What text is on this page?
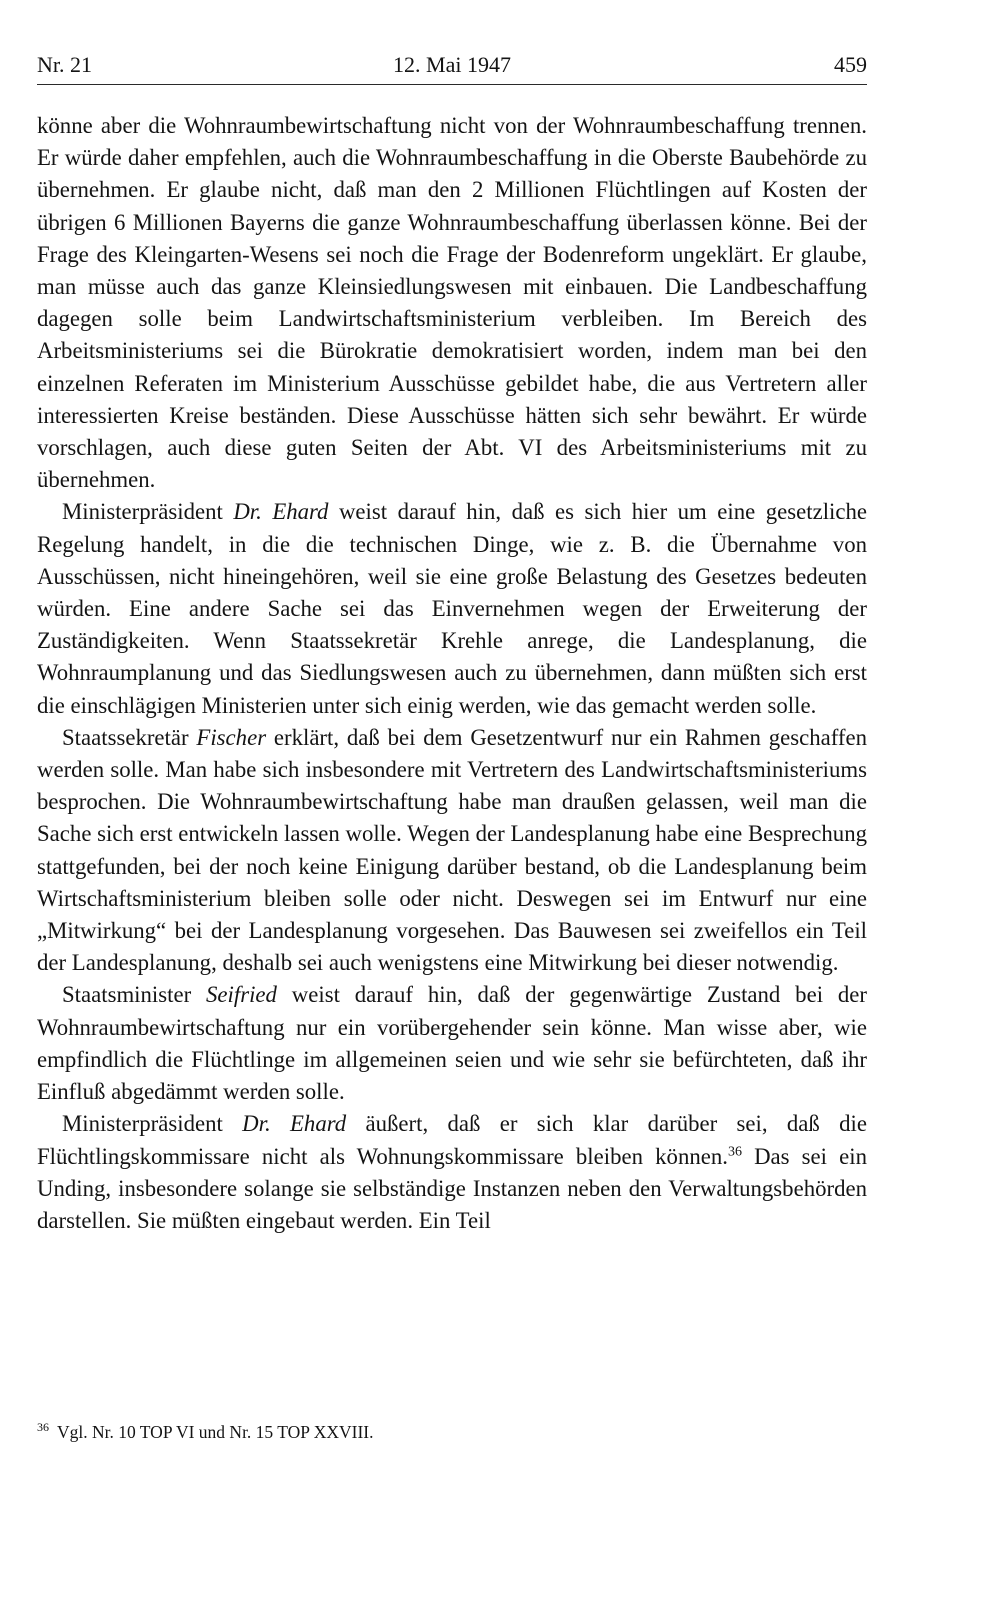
Nr. 21	12. Mai 1947	459

könne aber die Wohnraumbewirtschaftung nicht von der Wohnraumbeschaffung trennen. Er würde daher empfehlen, auch die Wohnraumbeschaffung in die Oberste Baubehörde zu übernehmen. Er glaube nicht, daß man den 2 Millionen Flüchtlingen auf Kosten der übrigen 6 Millionen Bayerns die ganze Wohnraumbeschaffung überlassen könne. Bei der Frage des Kleingarten-Wesens sei noch die Frage der Bodenreform ungeklärt. Er glaube, man müsse auch das ganze Kleinsiedlungswesen mit einbauen. Die Landbeschaffung dagegen solle beim Landwirtschaftsministerium verbleiben. Im Bereich des Arbeitsministeriums sei die Bürokratie demokratisiert worden, indem man bei den einzelnen Referaten im Ministerium Ausschüsse gebildet habe, die aus Vertretern aller interessierten Kreise beständen. Diese Ausschüsse hätten sich sehr bewährt. Er würde vorschlagen, auch diese guten Seiten der Abt. VI des Arbeitsministeriums mit zu übernehmen.

Ministerpräsident Dr. Ehard weist darauf hin, daß es sich hier um eine gesetzliche Regelung handelt, in die die technischen Dinge, wie z. B. die Übernahme von Ausschüssen, nicht hineingehören, weil sie eine große Belastung des Gesetzes bedeuten würden. Eine andere Sache sei das Einvernehmen wegen der Erweiterung der Zuständigkeiten. Wenn Staatssekretär Krehle anrege, die Landesplanung, die Wohnraumplanung und das Siedlungswesen auch zu übernehmen, dann müßten sich erst die einschlägigen Ministerien unter sich einig werden, wie das gemacht werden solle.

Staatssekretär Fischer erklärt, daß bei dem Gesetzentwurf nur ein Rahmen geschaffen werden solle. Man habe sich insbesondere mit Vertretern des Landwirtschaftsministeriums besprochen. Die Wohnraumbewirtschaftung habe man draußen gelassen, weil man die Sache sich erst entwickeln lassen wolle. Wegen der Landesplanung habe eine Besprechung stattgefunden, bei der noch keine Einigung darüber bestand, ob die Landesplanung beim Wirtschaftsministerium bleiben solle oder nicht. Deswegen sei im Entwurf nur eine „Mitwirkung“ bei der Landesplanung vorgesehen. Das Bauwesen sei zweifellos ein Teil der Landesplanung, deshalb sei auch wenigstens eine Mitwirkung bei dieser notwendig.

Staatsminister Seifried weist darauf hin, daß der gegenwärtige Zustand bei der Wohnraumbewirtschaftung nur ein vorübergehender sein könne. Man wisse aber, wie empfindlich die Flüchtlinge im allgemeinen seien und wie sehr sie befürchteten, daß ihr Einfluß abgedämmt werden solle.

Ministerpräsident Dr. Ehard äußert, daß er sich klar darüber sei, daß die Flüchtlingskommissare nicht als Wohnungskommissare bleiben können.$^{36}$ Das sei ein Unding, insbesondere solange sie selbständige Instanzen neben den Verwaltungsbehörden darstellen. Sie müßten eingebaut werden. Ein Teil

$^{36}$ Vgl. Nr. 10 TOP VI und Nr. 15 TOP XXVIII.
